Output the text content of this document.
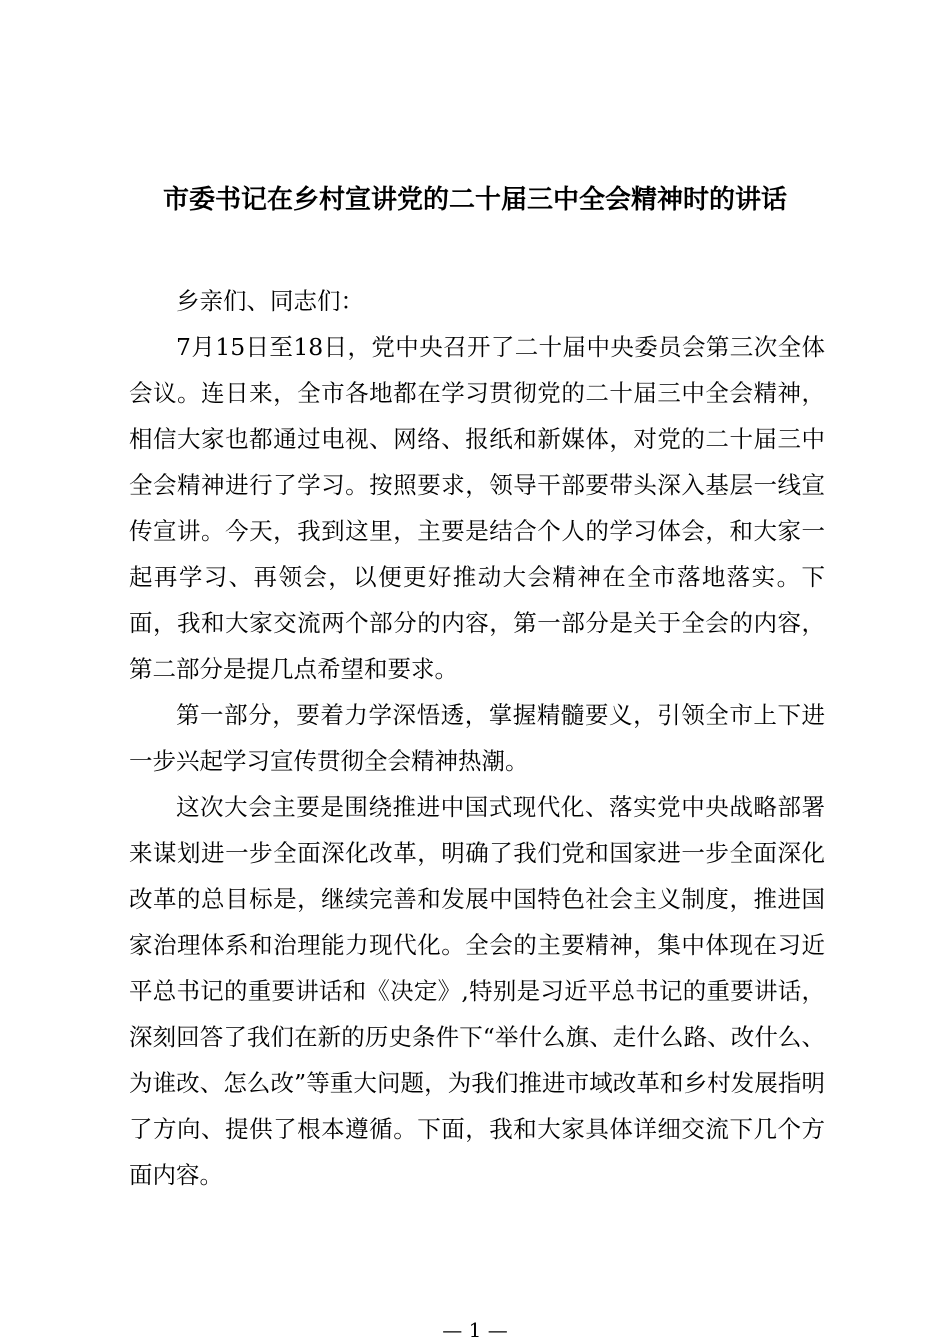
市委书记在乡村宣讲党的二十届三中全会精神时的讲话

乡亲们、同志们：

7月15日至18日，党中央召开了二十届中央委员会第三次全体会议。连日来，全市各地都在学习贯彻党的二十届三中全会精神，相信大家也都通过电视、网络、报纸和新媒体，对党的二十届三中全会精神进行了学习。按照要求，领导干部要带头深入基层一线宣传宣讲。今天，我到这里，主要是结合个人的学习体会，和大家一起再学习、再领会，以便更好推动大会精神在全市落地落实。下面，我和大家交流两个部分的内容，第一部分是关于全会的内容，第二部分是提几点希望和要求。

第一部分，要着力学深悟透，掌握精髓要义，引领全市上下进一步兴起学习宣传贯彻全会精神热潮。

这次大会主要是围绕推进中国式现代化、落实党中央战略部署来谋划进一步全面深化改革，明确了我们党和国家进一步全面深化改革的总目标是，继续完善和发展中国特色社会主义制度，推进国家治理体系和治理能力现代化。全会的主要精神，集中体现在习近平总书记的重要讲话和《决定》,特别是习近平总书记的重要讲话，深刻回答了我们在新的历史条件下“举什么旗、走什么路、改什么、为谁改、怎么改”等重大问题，为我们推进市域改革和乡村发展指明了方向、提供了根本遵循。下面，我和大家具体详细交流下几个方面内容。

— 1 —
